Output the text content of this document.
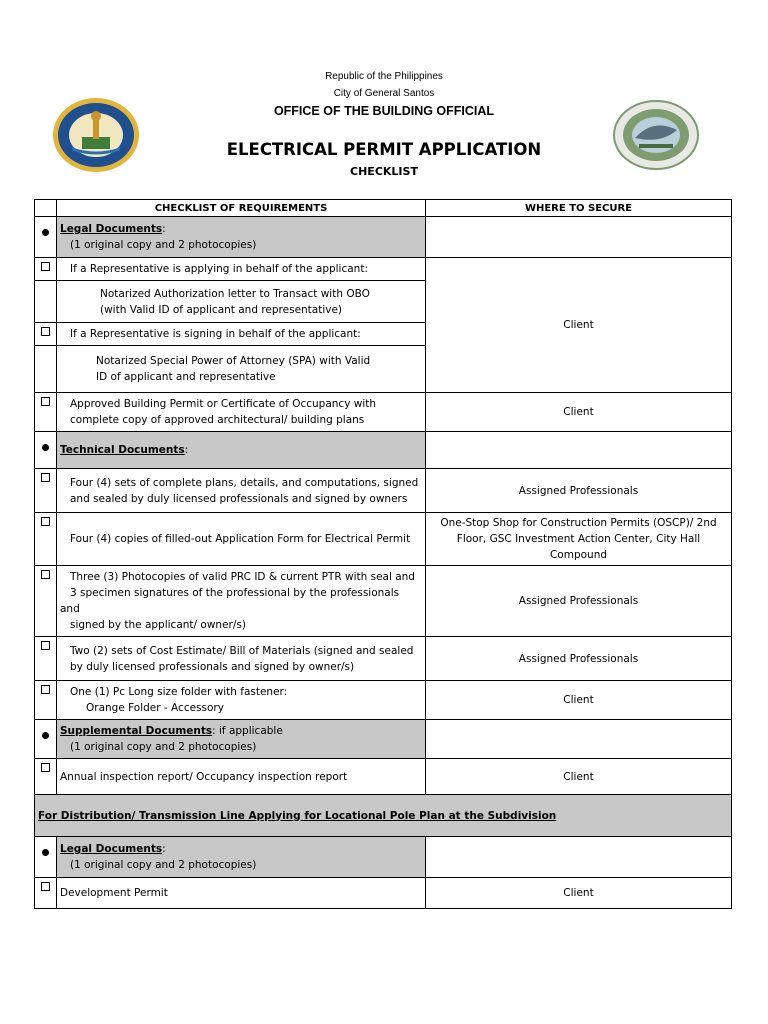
Republic of the Philippines
City of General Santos
OFFICE OF THE BUILDING OFFICIAL
ELECTRICAL PERMIT APPLICATION
CHECKLIST
	CHECKLIST OF REQUIREMENTS	WHERE TO SECURE
	Legal Documents:
(1 original copy and 2 photocopies)	
	If a Representative is applying in behalf of the applicant:	Client
	Notarized Authorization letter to Transact with OBO
(with Valid ID of applicant and representative)	
	If a Representative is signing in behalf of the applicant:	
	Notarized Special Power of Attorney (SPA) with Valid
ID of applicant and representative	
	Approved Building Permit or Certificate of Occupancy with
complete copy of approved architectural/ building plans	Client
	Technical Documents:	
	Four (4) sets of complete plans, details, and computations, signed
and sealed by duly licensed professionals and signed by owners	Assigned Professionals
	Four (4) copies of filled-out Application Form for Electrical Permit	One-Stop Shop for Construction Permits (OSCP)/ 2nd
Floor, GSC Investment Action Center, City Hall Compound
	Three (3) Photocopies of valid PRC ID & current PTR with seal and
3 specimen signatures of the professional by the professionals and
signed by the applicant/ owner/s)	Assigned Professionals
	Two (2) sets of Cost Estimate/ Bill of Materials (signed and sealed
by duly licensed professionals and signed by owner/s)	Assigned Professionals
	One (1) Pc Long size folder with fastener:
Orange Folder - Accessory	Client
	Supplemental Documents: if applicable
(1 original copy and 2 photocopies)	
	Annual inspection report/ Occupancy inspection report	Client
For Distribution/ Transmission Line Applying for Locational Pole Plan at the Subdivision		
	Legal Documents:
(1 original copy and 2 photocopies)	
	Development Permit	Client
